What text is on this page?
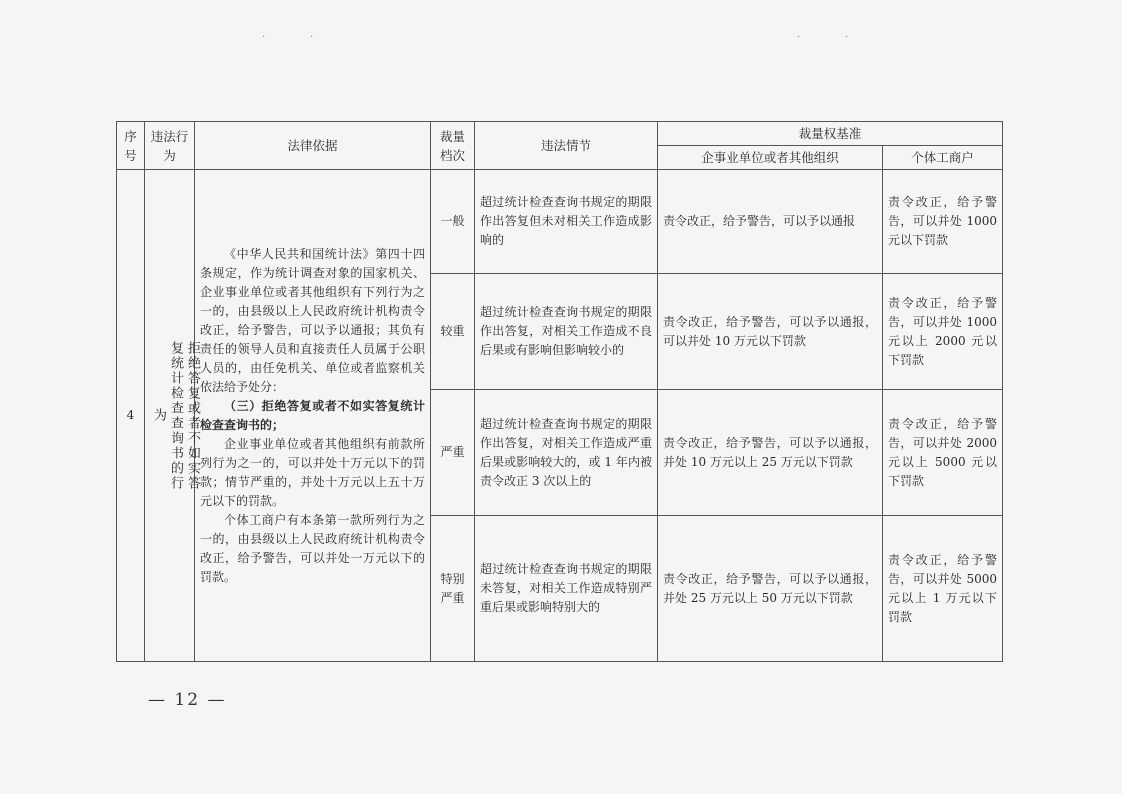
·	·	·	·
序号	违法行为	法律依据	裁量档次	违法情节	裁量权基准	
					企事业单位或者其他组织	个体工商户
4	拒绝答复或者不如实答复统计检查查询书的行为	《中华人民共和国统计法》第四十四条规定，作为统计调查对象的国家机关、企业事业单位或者其他组织有下列行为之一的，由县级以上人民政府统计机构责令改正，给予警告，可以予以通报；其负有责任的领导人员和直接责任人员属于公职人员的，由任免机关、单位或者监察机关依法给予处分：

（三）拒绝答复或者不如实答复统计检查查询书的；

企业事业单位或者其他组织有前款所列行为之一的，可以并处十万元以下的罚款；情节严重的，并处十万元以上五十万元以下的罚款。

个体工商户有本条第一款所列行为之一的，由县级以上人民政府统计机构责令改正，给予警告，可以并处一万元以下的罚款。	一般	超过统计检查查询书规定的期限作出答复但未对相关工作造成影响的	责令改正，给予警告，可以予以通报	责令改正，给予警告，可以并处 1000 元以下罚款
			较重	超过统计检查查询书规定的期限作出答复，对相关工作造成不良后果或有影响但影响较小的	责令改正，给予警告，可以予以通报，可以并处 10 万元以下罚款	责令改正，给予警告，可以并处 1000 元以上 2000 元以下罚款
			严重	超过统计检查查询书规定的期限作出答复，对相关工作造成严重后果或影响较大的，或 1 年内被责令改正 3 次以上的	责令改正，给予警告，可以予以通报，并处 10 万元以上 25 万元以下罚款	责令改正，给予警告，可以并处 2000 元以上 5000 元以下罚款
			特别严重	超过统计检查查询书规定的期限未答复，对相关工作造成特别严重后果或影响特别大的	责令改正，给予警告，可以予以通报，并处 25 万元以上 50 万元以下罚款	责令改正，给予警告，可以并处 5000 元以上 1 万元以下罚款
— 12 —
